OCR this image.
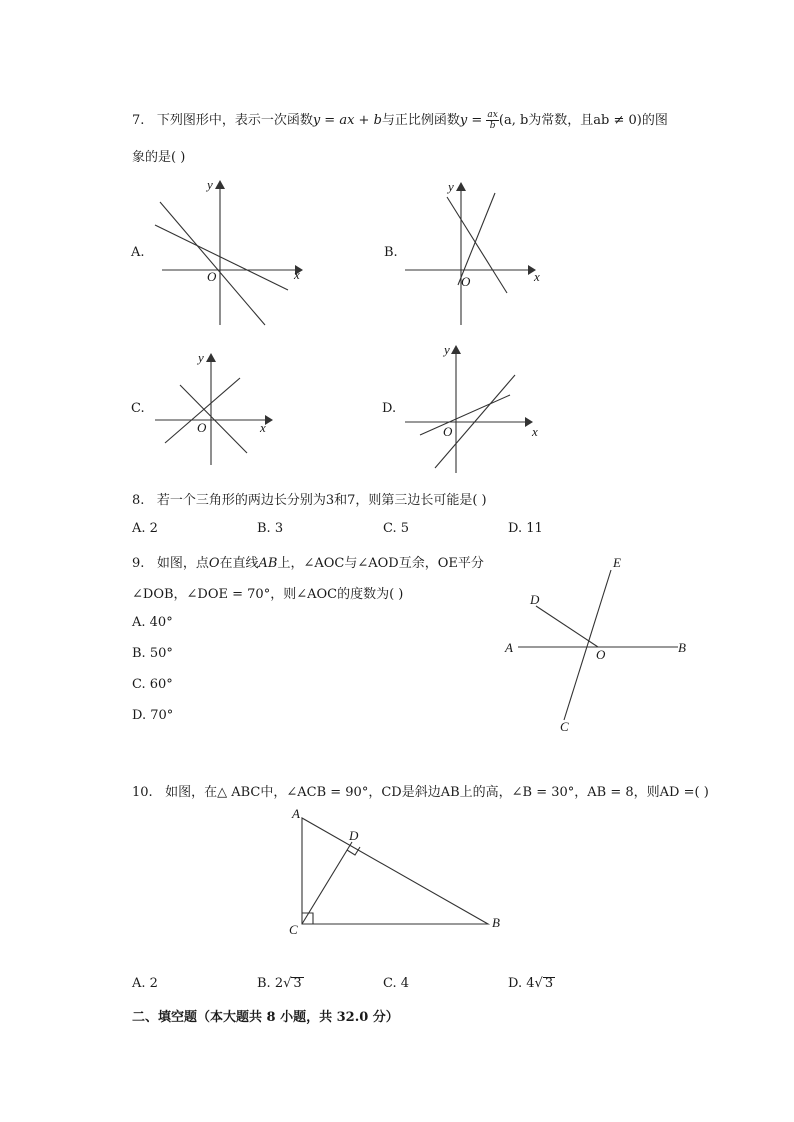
7. 下列图形中，表示一次函数y = ax + b与正比例函数$y = \frac{ax}{b} (a$, b为常数，且ab ≠ 0)的图
象的是( )
A.
x
y
O
B.
x
y
O
C.
x
y
O
D.
x
y
O
8. 若一个三角形的两边长分别为3和7，则第三边长可能是( )
A. 2	B. 3	C. 5	D. 11
9. 如图，点O在直线AB上，∠AOC与∠AOD互余，OE平分
∠DOB，∠DOE = 70°，则∠AOC的度数为( )
A. 40°
B. 50°
C. 60°
D. 70°
A	B
C
D
E
O
10. 如图，在△ ABC中，∠ACB = 90°，CD是斜边AB上的高，∠B = 30°，AB = 8，则AD =( )
A
B
C
D
A. 2	B. 2√ 3	C. 4	D. 4√ 3
二、填空题（本大题共 8 小题，共 32.0 分）
